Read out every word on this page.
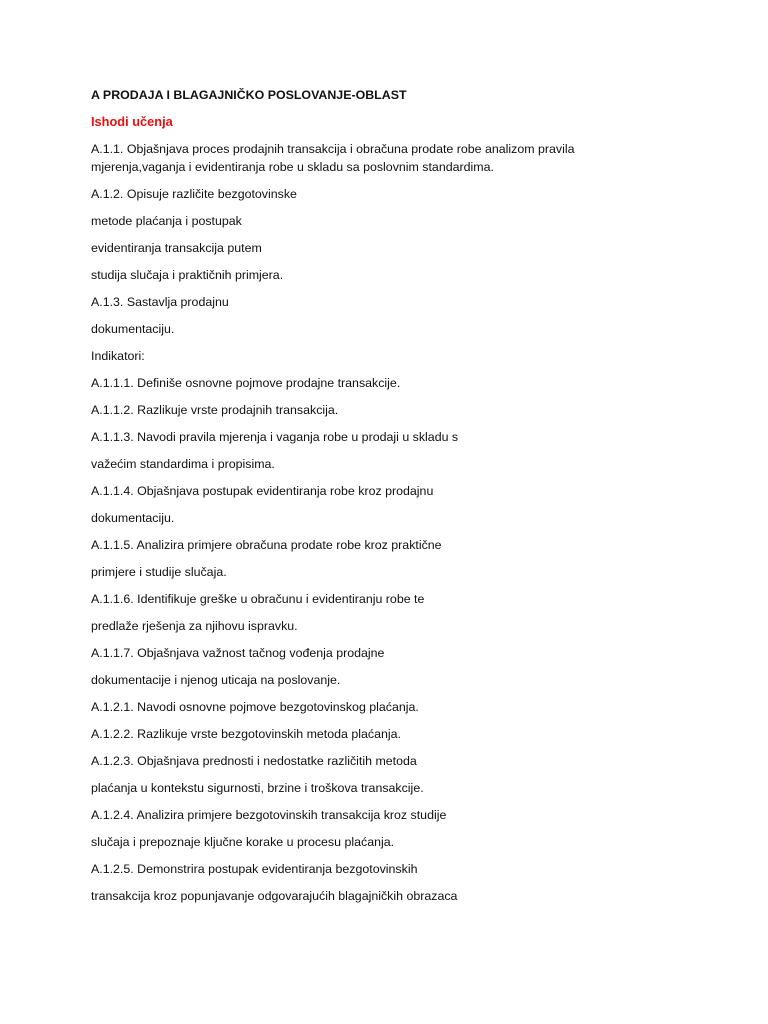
A PRODAJA I BLAGAJNIČKO POSLOVANJE-OBLAST

Ishodi učenja

A.1.1. Objašnjava proces prodajnih transakcija i obračuna prodate robe analizom pravila

mjerenja,vaganja i evidentiranja robe u skladu sa poslovnim standardima.

A.1.2. Opisuje različite bezgotovinske

metode plaćanja i postupak

evidentiranja transakcija putem

studija slučaja i praktičnih primjera.

A.1.3. Sastavlja prodajnu

dokumentaciju.

Indikatori:

A.1.1.1. Definiše osnovne pojmove prodajne transakcije.

A.1.1.2. Razlikuje vrste prodajnih transakcija.

A.1.1.3. Navodi pravila mjerenja i vaganja robe u prodaji u skladu s

važećim standardima i propisima.

A.1.1.4. Objašnjava postupak evidentiranja robe kroz prodajnu

dokumentaciju.

A.1.1.5. Analizira primjere obračuna prodate robe kroz praktične

primjere i studije slučaja.

A.1.1.6. Identifikuje greške u obračunu i evidentiranju robe te

predlaže rješenja za njihovu ispravku.

A.1.1.7. Objašnjava važnost tačnog vođenja prodajne

dokumentacije i njenog uticaja na poslovanje.

A.1.2.1. Navodi osnovne pojmove bezgotovinskog plaćanja.

A.1.2.2. Razlikuje vrste bezgotovinskih metoda plaćanja.

A.1.2.3. Objašnjava prednosti i nedostatke različitih metoda

plaćanja u kontekstu sigurnosti, brzine i troškova transakcije.

A.1.2.4. Analizira primjere bezgotovinskih transakcija kroz studije

slučaja i prepoznaje ključne korake u procesu plaćanja.

A.1.2.5. Demonstrira postupak evidentiranja bezgotovinskih

transakcija kroz popunjavanje odgovarajućih blagajničkih obrazaca
